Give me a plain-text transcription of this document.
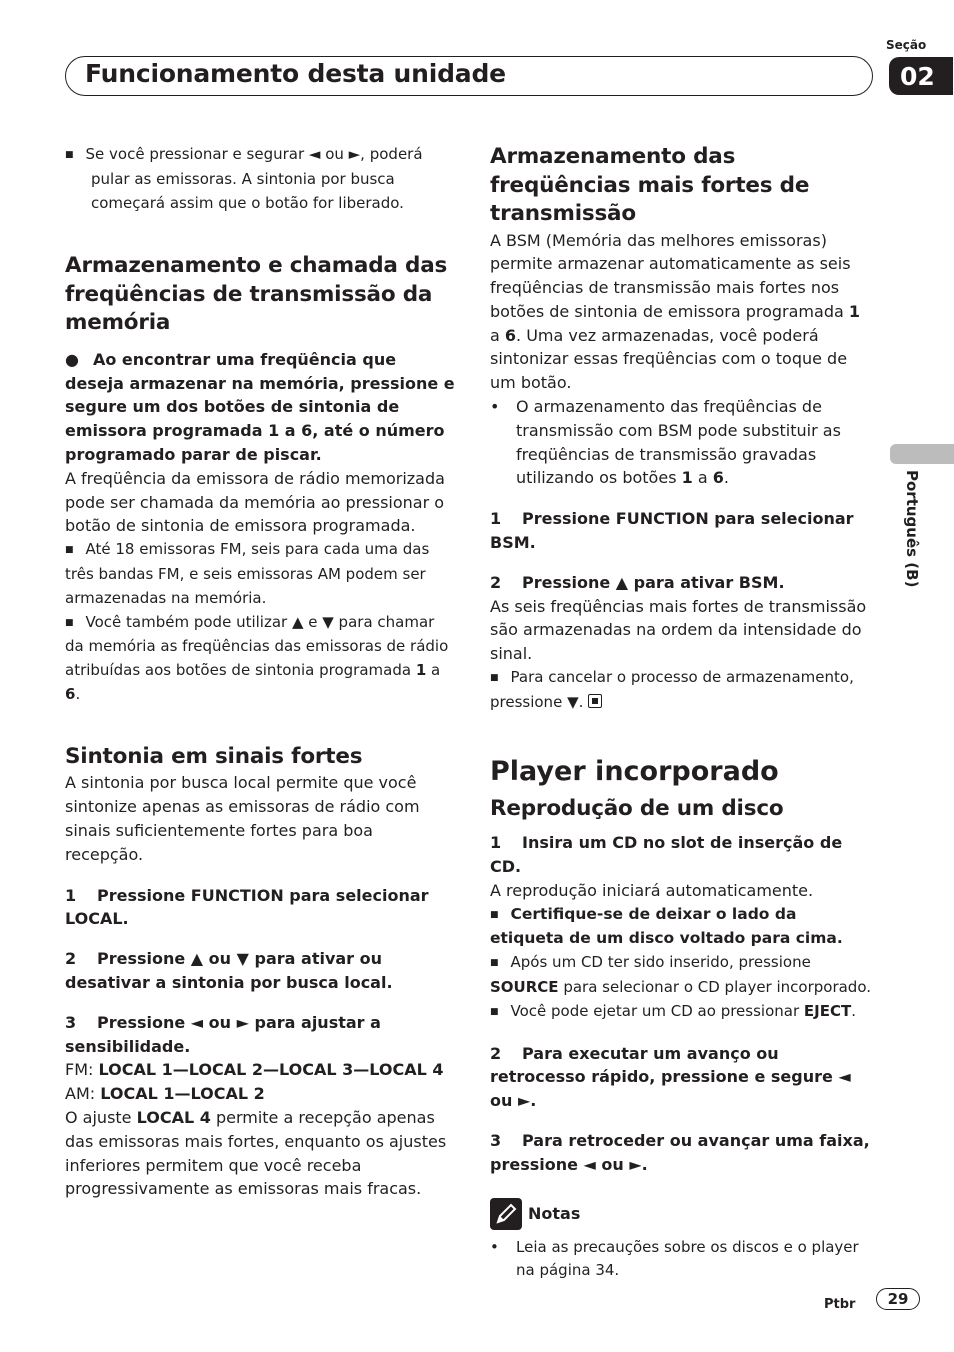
Funcionamento desta unidade
Seção
02
Português (B)

■ Se você pressionar e segurar ◄ ou ►, poderá pular as emissoras. A sintonia por busca começará assim que o botão for liberado.

Armazenamento e chamada das freqüências de transmissão da memória

● Ao encontrar uma freqüência que deseja armazenar na memória, pressione e segure um dos botões de sintonia de emissora programada 1 a 6, até o número programado parar de piscar.

A freqüência da emissora de rádio memorizada pode ser chamada da memória ao pressionar o botão de sintonia de emissora programada.

■ Até 18 emissoras FM, seis para cada uma das três bandas FM, e seis emissoras AM podem ser armazenadas na memória.

■ Você também pode utilizar ▲ e ▼ para chamar da memória as freqüências das emissoras de rádio atribuídas aos botões de sintonia programada 1 a 6.

Sintonia em sinais fortes

A sintonia por busca local permite que você sintonize apenas as emissoras de rádio com sinais suficientemente fortes para boa recepção.

1 Pressione FUNCTION para selecionar LOCAL.

2 Pressione ▲ ou ▼ para ativar ou desativar a sintonia por busca local.

3 Pressione ◄ ou ► para ajustar a sensibilidade.

FM: LOCAL 1—LOCAL 2—LOCAL 3—LOCAL 4

AM: LOCAL 1—LOCAL 2

O ajuste LOCAL 4 permite a recepção apenas das emissoras mais fortes, enquanto os ajustes inferiores permitem que você receba progressivamente as emissoras mais fracas.

Armazenamento das freqüências mais fortes de transmissão

A BSM (Memória das melhores emissoras) permite armazenar automaticamente as seis freqüências de transmissão mais fortes nos botões de sintonia de emissora programada 1 a 6. Uma vez armazenadas, você poderá sintonizar essas freqüências com o toque de um botão.

• O armazenamento das freqüências de transmissão com BSM pode substituir as freqüências de transmissão gravadas utilizando os botões 1 a 6.

1 Pressione FUNCTION para selecionar BSM.

2 Pressione ▲ para ativar BSM.

As seis freqüências mais fortes de transmissão são armazenadas na ordem da intensidade do sinal.

■ Para cancelar o processo de armazenamento, pressione ▼.

Player incorporado

Reprodução de um disco

1 Insira um CD no slot de inserção de CD.

A reprodução iniciará automaticamente.

■ Certifique-se de deixar o lado da etiqueta de um disco voltado para cima.

■ Após um CD ter sido inserido, pressione SOURCE para selecionar o CD player incorporado.

■ Você pode ejetar um CD ao pressionar EJECT.

2 Para executar um avanço ou retrocesso rápido, pressione e segure ◄ ou ►.

3 Para retroceder ou avançar uma faixa, pressione ◄ ou ►.

Notas

• Leia as precauções sobre os discos e o player na página 34.

Ptbr	29
